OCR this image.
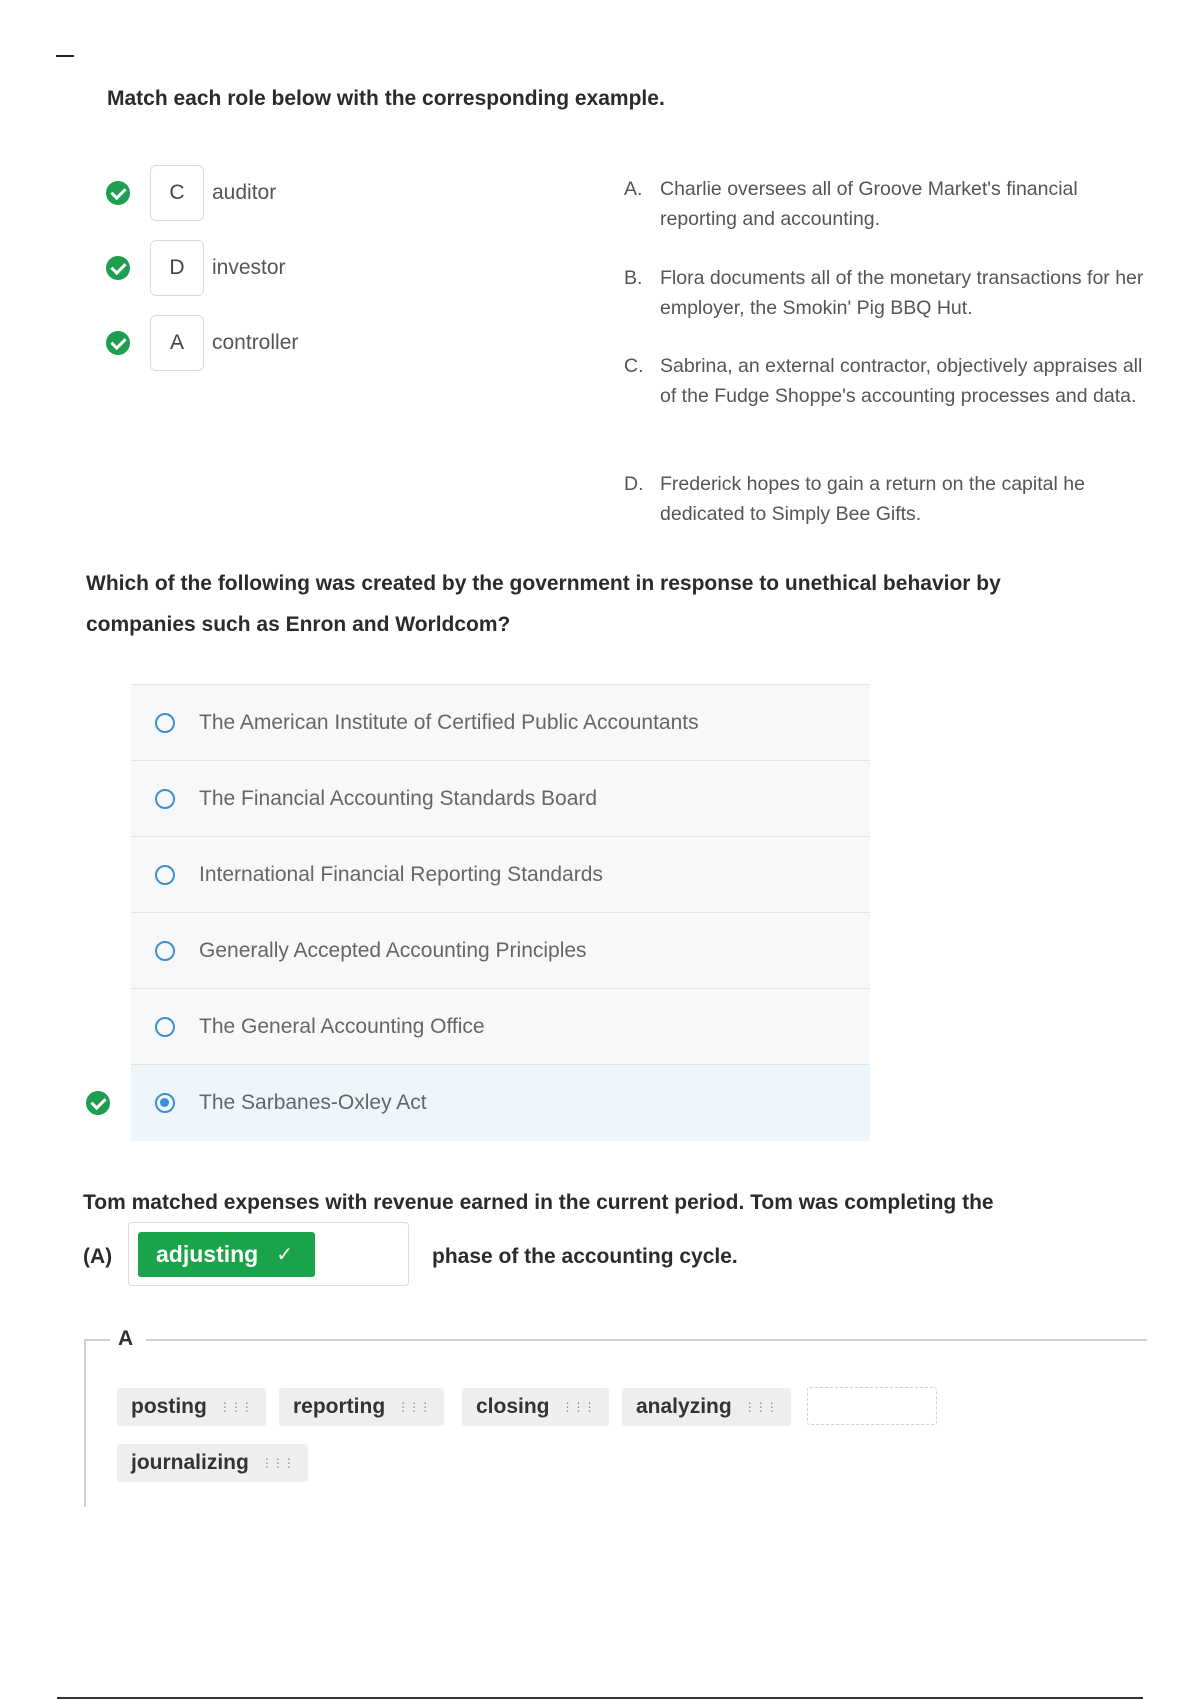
Match each role below with the corresponding example.
C	auditor
D	investor
A	controller
A. Charlie oversees all of Groove Market's financial reporting and accounting.
B. Flora documents all of the monetary transactions for her employer, the Smokin' Pig BBQ Hut.
C. Sabrina, an external contractor, objectively appraises all of the Fudge Shoppe's accounting processes and data.
D. Frederick hopes to gain a return on the capital he dedicated to Simply Bee Gifts.
Which of the following was created by the government in response to unethical behavior by
companies such as Enron and Worldcom?
The American Institute of Certified Public Accountants
The Financial Accounting Standards Board
International Financial Reporting Standards
Generally Accepted Accounting Principles
The General Accounting Office
The Sarbanes-Oxley Act
Tom matched expenses with revenue earned in the current period. Tom was completing the
(A) adjusting ✓	phase of the accounting cycle.
A
posting ⋮⋮⋮ reporting ⋮⋮⋮ closing ⋮⋮⋮ analyzing ⋮⋮⋮
journalizing ⋮⋮⋮
